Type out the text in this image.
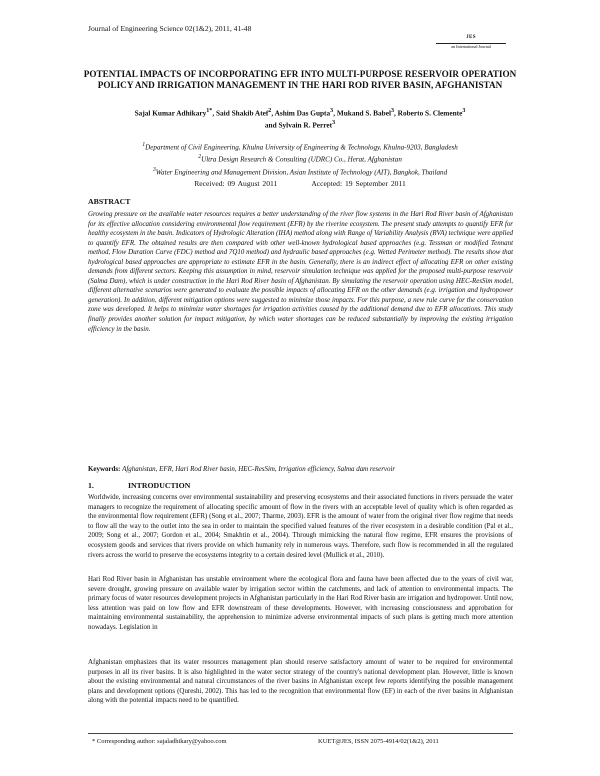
Journal of Engineering Science 02(1&2), 2011, 41-48
JES
an International Journal
POTENTIAL IMPACTS OF INCORPORATING EFR INTO MULTI-PURPOSE RESERVOIR OPERATION POLICY AND IRRIGATION MANAGEMENT IN THE HARI ROD RIVER BASIN, AFGHANISTAN
Sajal Kumar Adhikary$^{1*}$, Said Shakib Atef$^2$, Ashim Das Gupta$^3$, Mukand S. Babel$^3$, Roberto S. Clemente$^3$
and Sylvain R. Perret$^3$
$^1$Department of Civil Engineering, Khulna University of Engineering & Technology, Khulna-9203, Bangladesh
$^2$Ultra Design Research & Consulting (UDRC) Co., Herat, Afghanistan
$^3$Water Engineering and Management Division, Asian Institute of Technology (AIT), Bangkok, Thailand
Received: 09 August 2011	Accepted: 19 September 2011
ABSTRACT
Growing pressure on the available water resources requires a better understanding of the river flow systems in the Hari Rod River basin of Afghanistan for its effective allocation considering environmental flow requirement (EFR) by the riverine ecosystem. The present study attempts to quantify EFR for healthy ecosystem in the basin. Indicators of Hydrologic Alteration (IHA) method along with Range of Variability Analysis (RVA) technique were applied to quantify EFR. The obtained results are then compared with other well-known hydrological based approaches (e.g. Tessman or modified Tennant method, Flow Duration Curve (FDC) method and 7Q10 method) and hydraulic based approaches (e.g. Wetted Perimeter method). The results show that hydrological based approaches are appropriate to estimate EFR in the basin. Generally, there is an indirect effect of allocating EFR on other existing demands from different sectors. Keeping this assumption in mind, reservoir simulation technique was applied for the proposed multi-purpose reservoir (Salma Dam), which is under construction in the Hari Rod River basin of Afghanistan. By simulating the reservoir operation using HEC-ResSim model, different alternative scenarios were generated to evaluate the possible impacts of allocating EFR on the other demands (e.g. irrigation and hydropower generation). In addition, different mitigation options were suggested to minimize those impacts. For this purpose, a new rule curve for the conservation zone was developed. It helps to minimize water shortages for irrigation activities caused by the additional demand due to EFR allocations. This study finally provides another solution for impact mitigation, by which water shortages can be reduced substantially by improving the existing irrigation efficiency in the basin.
Keywords: Afghanistan, EFR, Hari Rod River basin, HEC-ResSim, Irrigation efficiency, Salma dam reservoir
1.	INTRODUCTION
Worldwide, increasing concerns over environmental sustainability and preserving ecosystems and their associated functions in rivers persuade the water managers to recognize the requirement of allocating specific amount of flow in the rivers with an acceptable level of quality which is often regarded as the environmental flow requirement (EFR) (Song et al., 2007; Tharme, 2003). EFR is the amount of water from the original river flow regime that needs to flow all the way to the outlet into the sea in order to maintain the specified valued features of the river ecosystem in a desirable condition (Pal et al., 2009; Song et al., 2007; Gordon et al., 2004; Smakhtin et al., 2004). Through mimicking the natural flow regime, EFR ensures the provisions of ecosystem goods and services that rivers provide on which humanity rely in numerous ways. Therefore, such flow is recommended in all the regulated rivers across the world to preserve the ecosystems integrity to a certain desired level (Mullick et al., 2010).
Hari Rod River basin in Afghanistan has unstable environment where the ecological flora and fauna have been affected due to the years of civil war, severe drought, growing pressure on available water by irrigation sector within the catchments, and lack of attention to environmental impacts. The primary focus of water resources development projects in Afghanistan particularly in the Hari Rod River basin are irrigation and hydropower. Until now, less attention was paid on low flow and EFR downstream of these developments. However, with increasing consciousness and approbation for maintaining environmental sustainability, the apprehension to minimize adverse environmental impacts of such plans is getting much more attention nowadays. Legislation in
Afghanistan emphasizes that its water resources management plan should reserve satisfactory amount of water to be required for environmental purposes in all its river basins. It is also highlighted in the water sector strategy of the country's national development plan. However, little is known about the existing environmental and natural circumstances of the river basins in Afghanistan except few reports identifying the possible management plans and development options (Qureshi, 2002). This has led to the recognition that environmental flow (EF) in each of the river basins in Afghanistan along with the potential impacts need to be quantified.
* Corresponding author: sajaladhikary@yahoo.com	KUET@JES, ISSN 2075-4914/02(1&2), 2011
